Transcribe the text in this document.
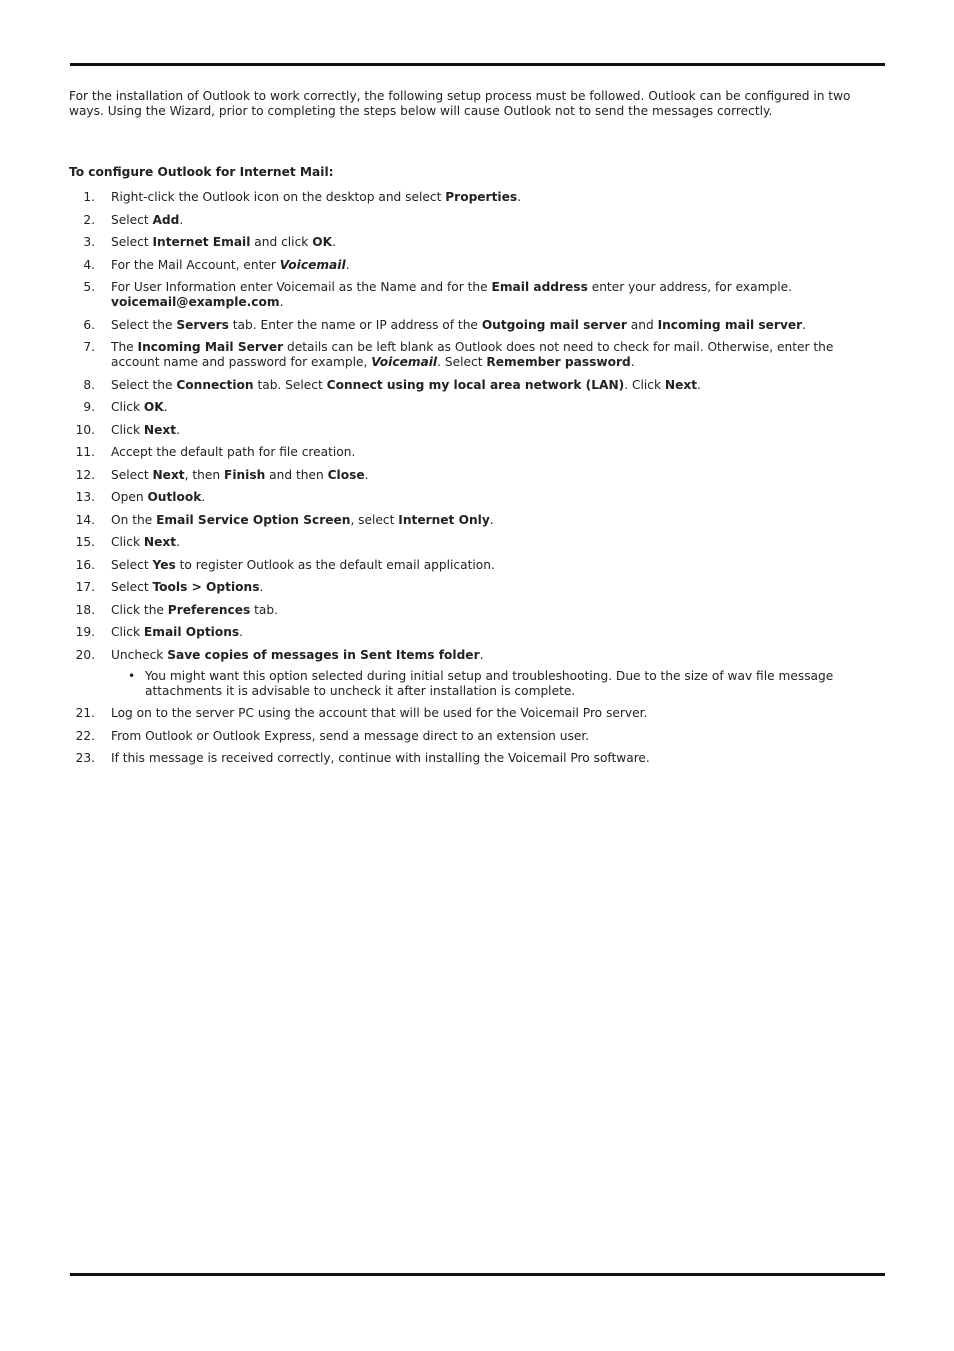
For the installation of Outlook to work correctly, the following setup process must be followed. Outlook can be configured in two ways. Using the Wizard, prior to completing the steps below will cause Outlook not to send the messages correctly.

To configure Outlook for Internet Mail:
1. Right-click the Outlook icon on the desktop and select Properties.
2. Select Add.
3. Select Internet Email and click OK.
4. For the Mail Account, enter Voicemail.
5. For User Information enter Voicemail as the Name and for the Email address enter your address, for example. voicemail@example.com.
6. Select the Servers tab. Enter the name or IP address of the Outgoing mail server and Incoming mail server.
7. The Incoming Mail Server details can be left blank as Outlook does not need to check for mail. Otherwise, enter the account name and password for example, Voicemail. Select Remember password.
8. Select the Connection tab. Select Connect using my local area network (LAN). Click Next.
9. Click OK.
10. Click Next.
11. Accept the default path for file creation.
12. Select Next, then Finish and then Close.
13. Open Outlook.
14. On the Email Service Option Screen, select Internet Only.
15. Click Next.
16. Select Yes to register Outlook as the default email application.
17. Select Tools > Options.
18. Click the Preferences tab.
19. Click Email Options.
20. Uncheck Save copies of messages in Sent Items folder.
• You might want this option selected during initial setup and troubleshooting. Due to the size of wav file message attachments it is advisable to uncheck it after installation is complete.
21. Log on to the server PC using the account that will be used for the Voicemail Pro server.
22. From Outlook or Outlook Express, send a message direct to an extension user.
23. If this message is received correctly, continue with installing the Voicemail Pro software.
